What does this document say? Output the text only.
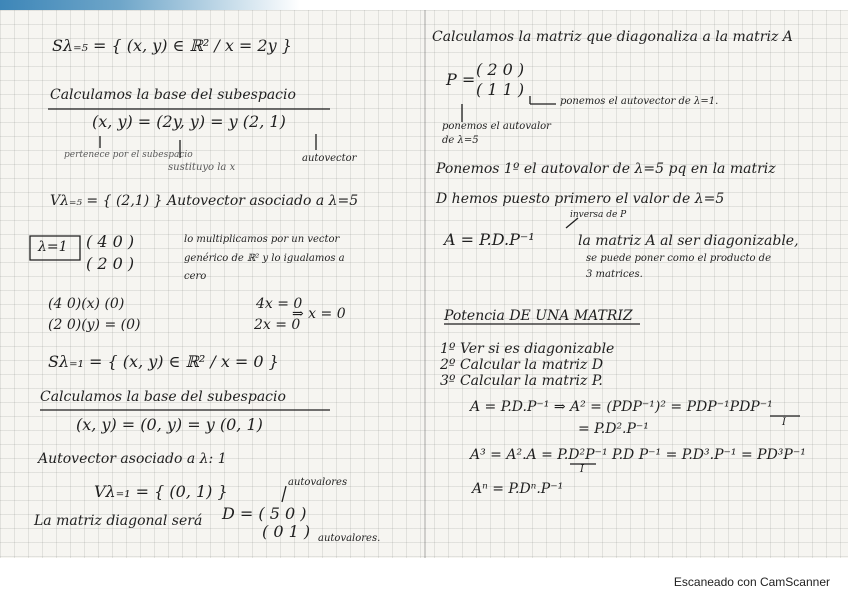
Sλ₌₅ = { (x, y) ∈ ℝ² / x = 2y }
Calculamos la base del subespacio
(x, y) = (2y, y) = y (2, 1)
pertenece por el subespacio
sustituyo la x
autovector
Vλ₌₅ = { (2,1) } Autovector asociado a λ=5
λ=1 ( 4 0 )
( 2 0 )
lo multiplicamos por un vector
genérico de ℝ² y lo igualamos a
cero
(4 0)(x) (0)
(2 0)(y) = (0)
4x = 0
2x = 0
⇒ x = 0
Sλ₌₁ = { (x, y) ∈ ℝ² / x = 0 }
Calculamos la base del subespacio
(x, y) = (0, y) = y (0, 1)
Autovector asociado a λ: 1
Vλ₌₁ = { (0, 1) }	autovalores
La matriz diagonal será D = ( 5 0 )
( 0 1 ) autovalores.
Calculamos la matriz que diagonaliza a la matriz A
P =
( 2 0 )
( 1 1 )
ponemos el autovector de λ=1.
ponemos el autovalor
de λ=5
Ponemos 1º el autovalor de λ=5 pq en la matriz
D hemos puesto primero el valor de λ=5
inversa de P
A = P.D.P⁻¹	la matriz A al ser diagonizable,
se puede poner como el producto de
3 matrices.
Potencia DE UNA MATRIZ
1º Ver si es diagonizable
2º Calcular la matriz D
3º Calcular la matriz P.
A = P.D.P⁻¹ ⇒ A² = (PDP⁻¹)² = PDP⁻¹PDP⁻¹
I
= P.D².P⁻¹
A³ = A².A = P.D²P⁻¹ P.D P⁻¹ = P.D³.P⁻¹ = PD³P⁻¹
I
Aⁿ = P.Dⁿ.P⁻¹
Escaneado con CamScanner
